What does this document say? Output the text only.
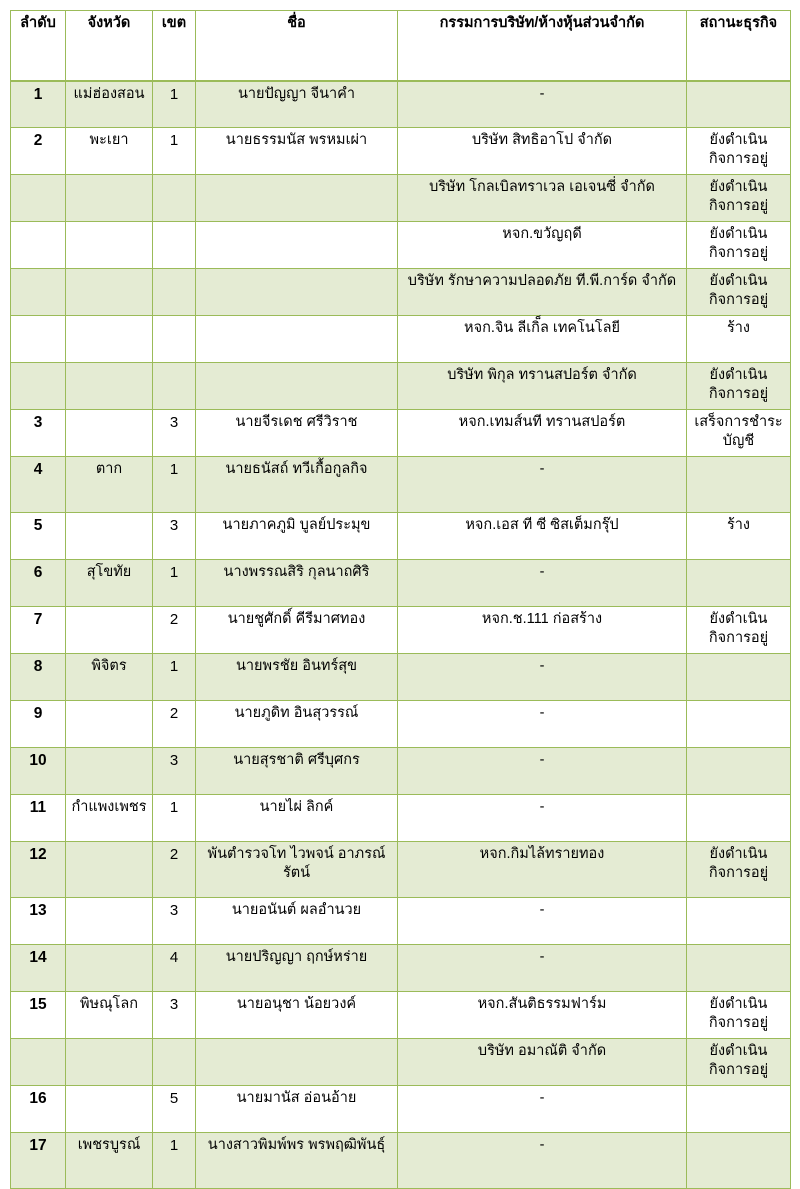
ลำดับ	จังหวัด	เขต	ชื่อ	กรรมการบริษัท/ห้างหุ้นส่วนจำกัด	สถานะธุรกิจ
1	แม่ฮ่องสอน	1	นายปัญญา จีนาคำ	-	
2	พะเยา	1	นายธรรมนัส พรหมเผ่า	บริษัท สิทธิอาโป จำกัด	ยังดำเนินกิจการอยู่
				บริษัท โกลเบิลทราเวล เอเจนซี่ จำกัด	ยังดำเนินกิจการอยู่
				หจก.ขวัญฤดี	ยังดำเนินกิจการอยู่
				บริษัท รักษาความปลอดภัย ที.พี.การ์ด จำกัด	ยังดำเนินกิจการอยู่
				หจก.จิน ลีเกิ็ล เทคโนโลยี	ร้าง
				บริษัท พิกุล ทรานสปอร์ต จำกัด	ยังดำเนินกิจการอยู่
3		3	นายจีรเดช ศรีวิราช	หจก.เทมส์นที ทรานสปอร์ต	เสร็จการชำระบัญชี
4	ตาก	1	นายธนัสถ์ ทวีเกื้อกูลกิจ	-	
5		3	นายภาคภูมิ บูลย์ประมุข	หจก.เอส ที ซี ซิสเต็มกรุ๊ป	ร้าง
6	สุโขทัย	1	นางพรรณสิริ กุลนาถศิริ	-	
7		2	นายชูศักดิ์ คีรีมาศทอง	หจก.ช.111 ก่อสร้าง	ยังดำเนินกิจการอยู่
8	พิจิตร	1	นายพรชัย อินทร์สุข	-	
9		2	นายภูดิท อินสุวรรณ์	-	
10		3	นายสุรชาติ ศรีบุศกร	-	
11	กำแพงเพชร	1	นายไผ่ ลิกค์	-	
12		2	พันตำรวจโท ไวพจน์ อาภรณ์รัตน์	หจก.กิมไล้ทรายทอง	ยังดำเนินกิจการอยู่
13		3	นายอนันต์ ผลอำนวย	-	
14		4	นายปริญญา ฤกษ์หร่าย	-	
15	พิษณุโลก	3	นายอนุชา น้อยวงค์	หจก.สันติธรรมฟาร์ม	ยังดำเนินกิจการอยู่
				บริษัท อมาณัติ จำกัด	ยังดำเนินกิจการอยู่
16		5	นายมานัส อ่อนอ้าย	-	
17	เพชรบูรณ์	1	นางสาวพิมพ์พร พรพฤฒิพันธุ์	-	
